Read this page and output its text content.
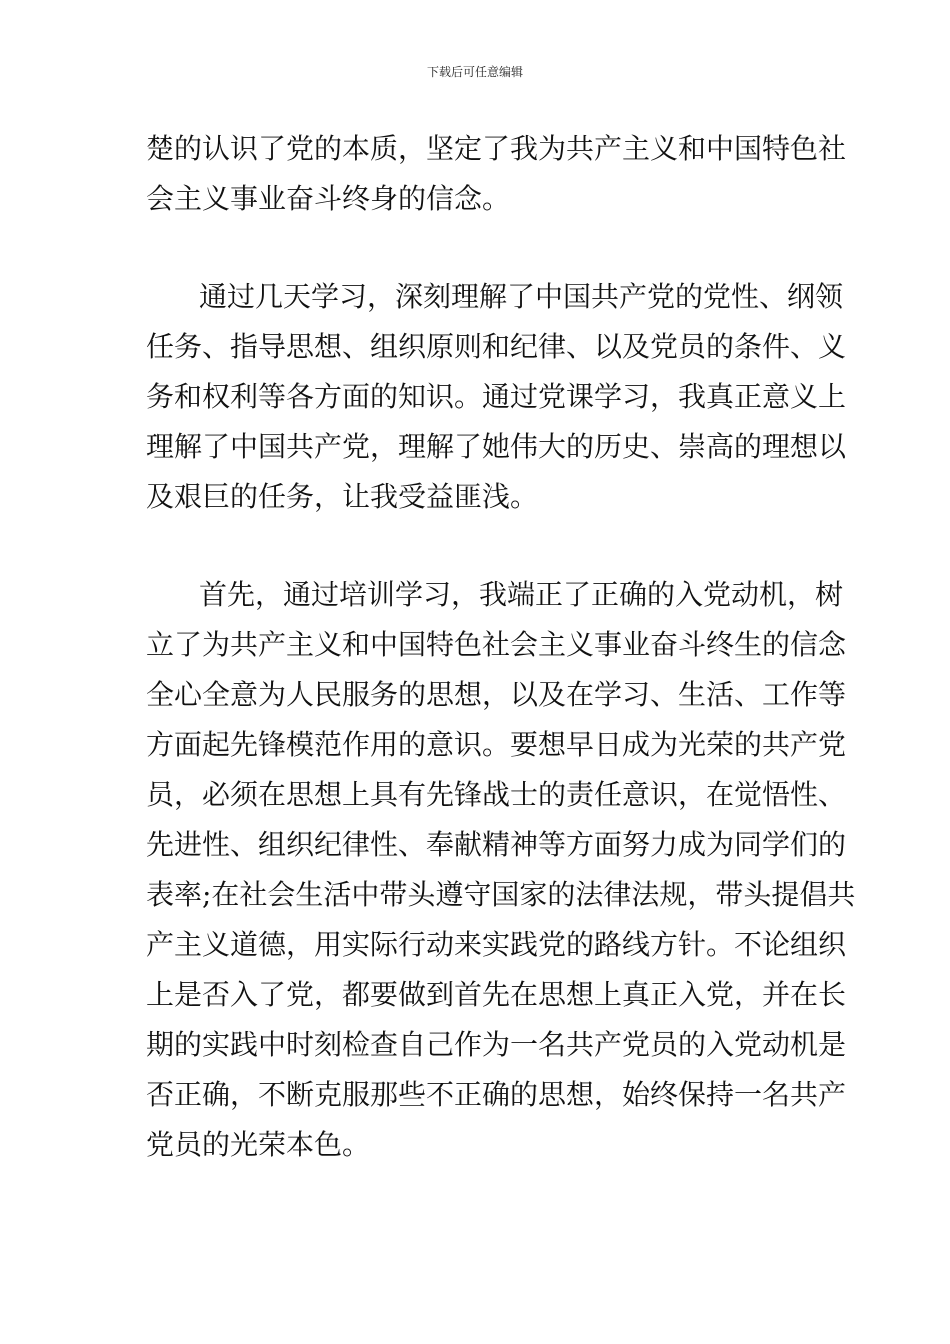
下载后可任意编辑
楚的认识了党的本质，坚定了我为共产主义和中国特色社
会主义事业奋斗终身的信念。
通过几天学习，深刻理解了中国共产党的党性、纲领
任务、指导思想、组织原则和纪律、以及党员的条件、义
务和权利等各方面的知识。通过党课学习，我真正意义上
理解了中国共产党，理解了她伟大的历史、崇高的理想以
及艰巨的任务，让我受益匪浅。
首先，通过培训学习，我端正了正确的入党动机，树
立了为共产主义和中国特色社会主义事业奋斗终生的信念
全心全意为人民服务的思想，以及在学习、生活、工作等
方面起先锋模范作用的意识。要想早日成为光荣的共产党
员，必须在思想上具有先锋战士的责任意识，在觉悟性、
先进性、组织纪律性、奉献精神等方面努力成为同学们的
表率;在社会生活中带头遵守国家的法律法规，带头提倡共
产主义道德，用实际行动来实践党的路线方针。不论组织
上是否入了党，都要做到首先在思想上真正入党，并在长
期的实践中时刻检查自己作为一名共产党员的入党动机是
否正确，不断克服那些不正确的思想，始终保持一名共产
党员的光荣本色。
